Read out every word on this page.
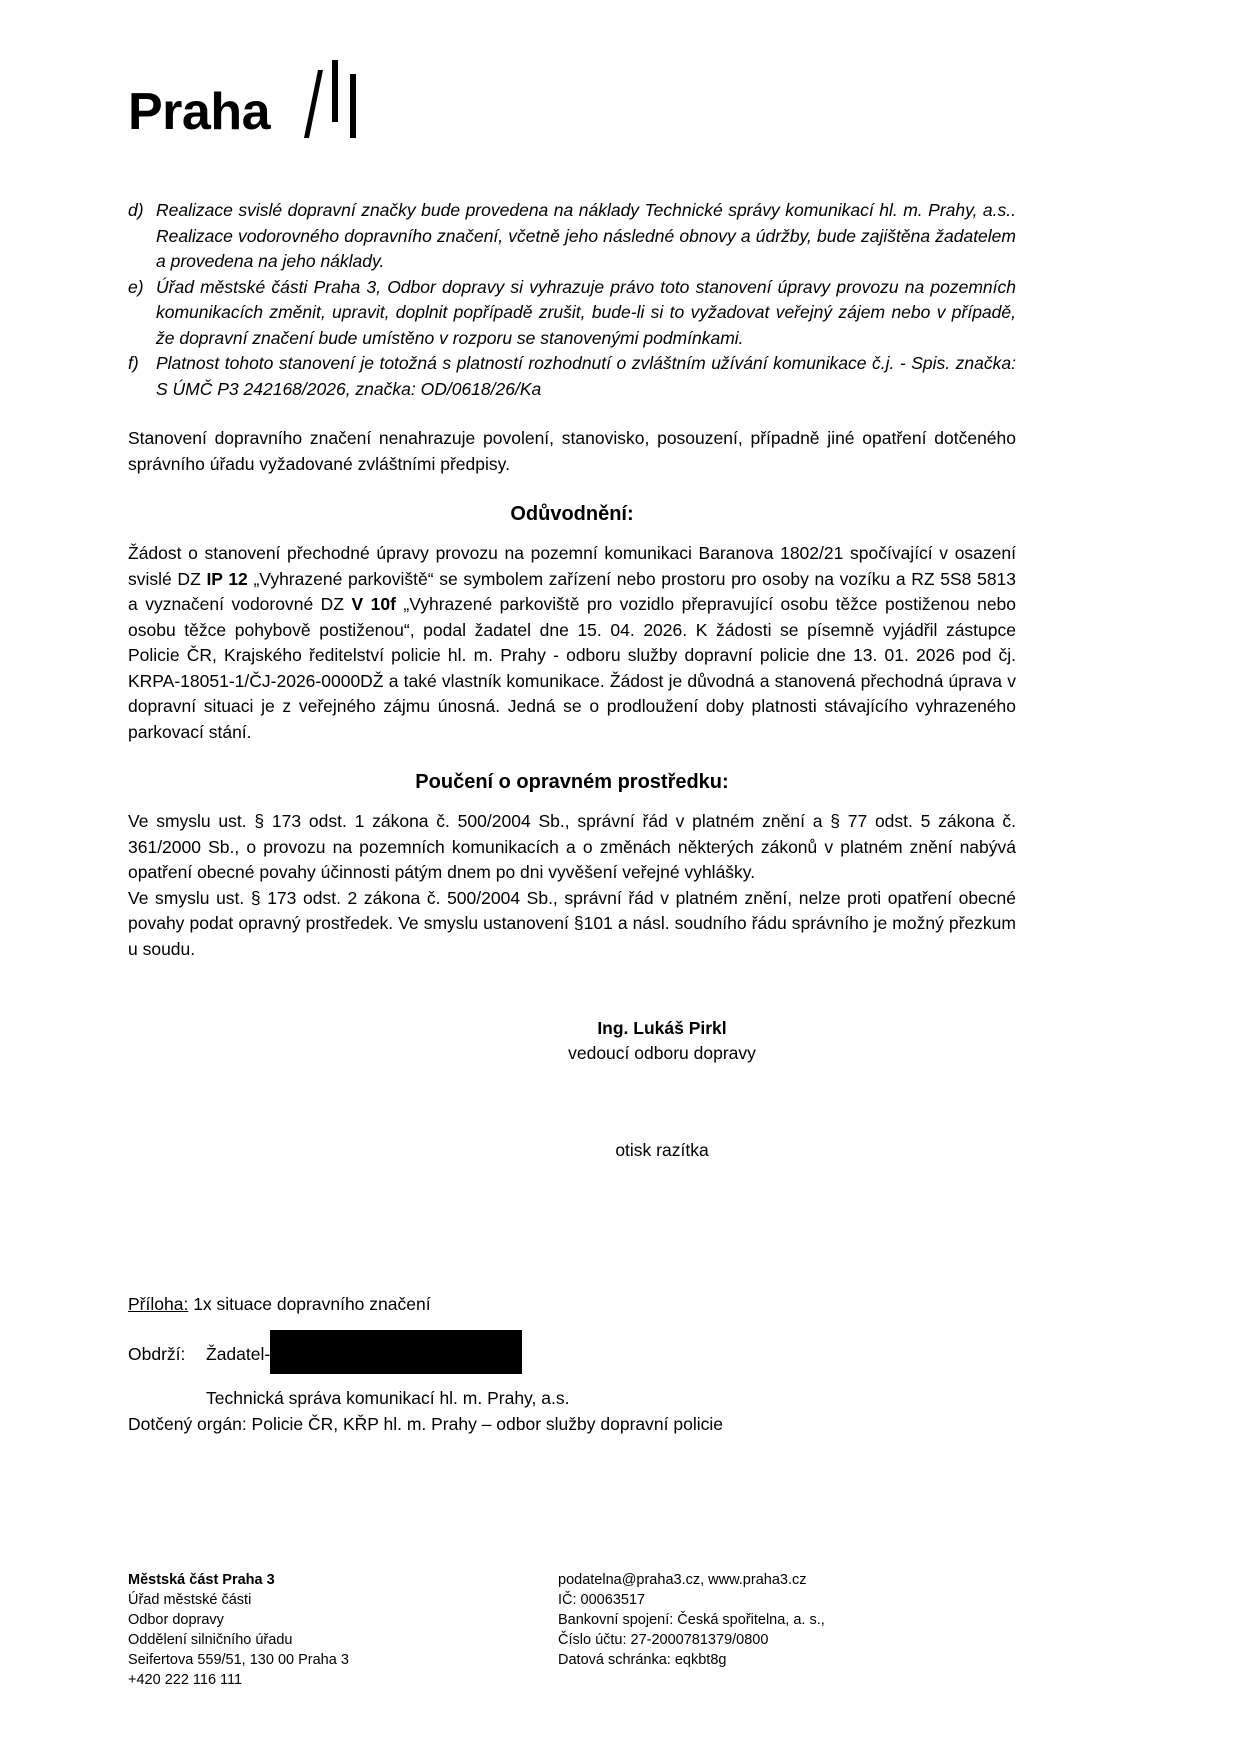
Praha
d) Realizace svislé dopravní značky bude provedena na náklady Technické správy komunikací hl. m. Prahy, a.s.. Realizace vodorovného dopravního značení, včetně jeho následné obnovy a údržby, bude zajištěna žadatelem a provedena na jeho náklady.
e) Úřad městské části Praha 3, Odbor dopravy si vyhrazuje právo toto stanovení úpravy provozu na pozemních komunikacích změnit, upravit, doplnit popřípadě zrušit, bude-li si to vyžadovat veřejný zájem nebo v případě, že dopravní značení bude umístěno v rozporu se stanovenými podmínkami.
f) Platnost tohoto stanovení je totožná s platností rozhodnutí o zvláštním užívání komunikace č.j. - Spis. značka: S ÚMČ P3 242168/2026, značka: OD/0618/26/Ka

Stanovení dopravního značení nenahrazuje povolení, stanovisko, posouzení, případně jiné opatření dotčeného správního úřadu vyžadované zvláštními předpisy.

Odůvodnění:

Žádost o stanovení přechodné úpravy provozu na pozemní komunikaci Baranova 1802/21 spočívající v osazení svislé DZ IP 12 „Vyhrazené parkoviště“ se symbolem zařízení nebo prostoru pro osoby na vozíku a RZ 5S8 5813 a vyznačení vodorovné DZ V 10f „Vyhrazené parkoviště pro vozidlo přepravující osobu těžce postiženou nebo osobu těžce pohybově postiženou“, podal žadatel dne 15. 04. 2026. K žádosti se písemně vyjádřil zástupce Policie ČR, Krajského ředitelství policie hl. m. Prahy - odboru služby dopravní policie dne 13. 01. 2026 pod čj. KRPA-18051-1/ČJ-2026-0000DŽ a také vlastník komunikace. Žádost je důvodná a stanovená přechodná úprava v dopravní situaci je z veřejného zájmu únosná. Jedná se o prodloužení doby platnosti stávajícího vyhrazeného parkovací stání.

Poučení o opravném prostředku:

Ve smyslu ust. § 173 odst. 1 zákona č. 500/2004 Sb., správní řád v platném znění a § 77 odst. 5 zákona č. 361/2000 Sb., o provozu na pozemních komunikacích a o změnách některých zákonů v platném znění nabývá opatření obecné povahy účinnosti pátým dnem po dni vyvěšení veřejné vyhlášky.

Ve smyslu ust. § 173 odst. 2 zákona č. 500/2004 Sb., správní řád v platném znění, nelze proti opatření obecné povahy podat opravný prostředek. Ve smyslu ustanovení §101 a násl. soudního řádu správního je možný přezkum u soudu.

Ing. Lukáš Pirkl
vedoucí odboru dopravy
otisk razítka
Příloha: 1x situace dopravního značení
Obdrží:	Žadatel-
Technická správa komunikací hl. m. Prahy, a.s.
Dotčený orgán: Policie ČR, KŘP hl. m. Prahy – odbor služby dopravní policie
Městská část Praha 3
Úřad městské části
Odbor dopravy
Oddělení silničního úřadu
Seifertova 559/51, 130 00 Praha 3
+420 222 116 111
podatelna@praha3.cz, www.praha3.cz
IČ: 00063517
Bankovní spojení: Česká spořitelna, a. s.,
Číslo účtu: 27-2000781379/0800
Datová schránka: eqkbt8g
